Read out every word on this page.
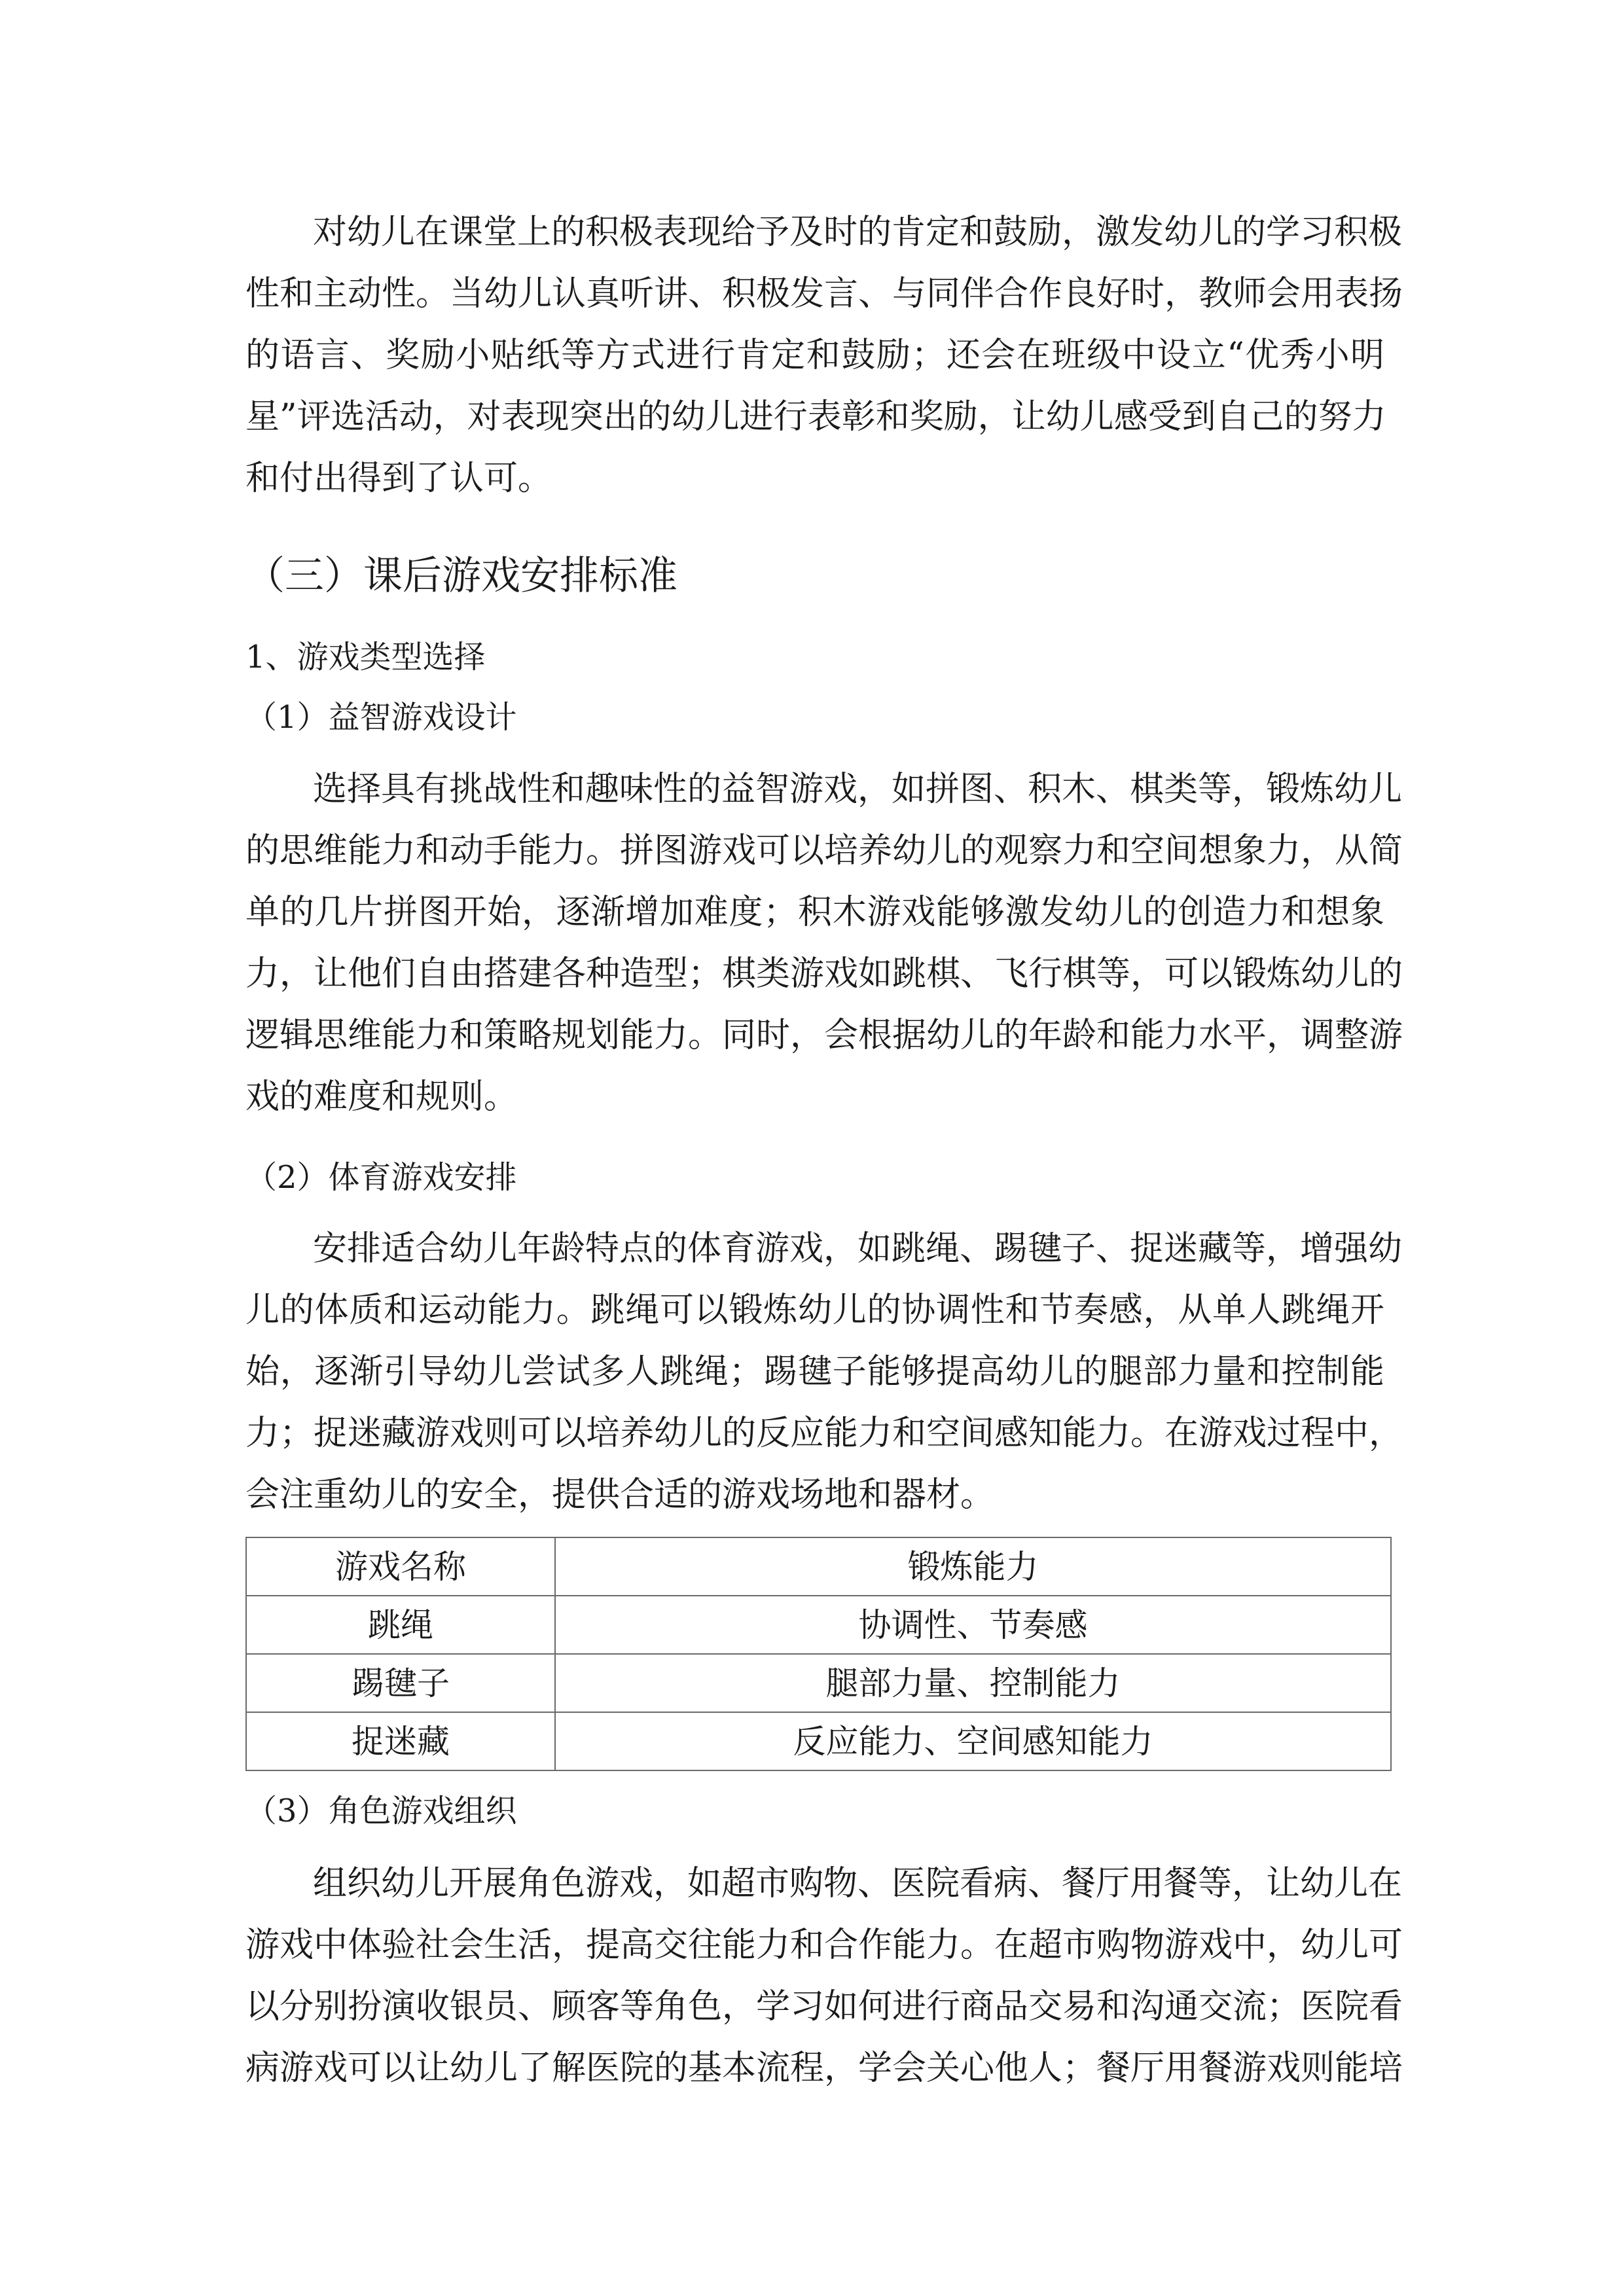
对幼儿在课堂上的积极表现给予及时的肯定和鼓励，激发幼儿的学习积极
性和主动性。当幼儿认真听讲、积极发言、与同伴合作良好时，教师会用表扬
的语言、奖励小贴纸等方式进行肯定和鼓励；还会在班级中设立“优秀小明
星”评选活动，对表现突出的幼儿进行表彰和奖励，让幼儿感受到自己的努力
和付出得到了认可。
（三）课后游戏安排标准
1、游戏类型选择
（1）益智游戏设计
选择具有挑战性和趣味性的益智游戏，如拼图、积木、棋类等，锻炼幼儿
的思维能力和动手能力。拼图游戏可以培养幼儿的观察力和空间想象力，从简
单的几片拼图开始，逐渐增加难度；积木游戏能够激发幼儿的创造力和想象
力，让他们自由搭建各种造型；棋类游戏如跳棋、飞行棋等，可以锻炼幼儿的
逻辑思维能力和策略规划能力。同时，会根据幼儿的年龄和能力水平，调整游
戏的难度和规则。
（2）体育游戏安排
安排适合幼儿年龄特点的体育游戏，如跳绳、踢毽子、捉迷藏等，增强幼
儿的体质和运动能力。跳绳可以锻炼幼儿的协调性和节奏感，从单人跳绳开
始，逐渐引导幼儿尝试多人跳绳；踢毽子能够提高幼儿的腿部力量和控制能
力；捉迷藏游戏则可以培养幼儿的反应能力和空间感知能力。在游戏过程中，
会注重幼儿的安全，提供合适的游戏场地和器材。
游戏名称	锻炼能力
跳绳	协调性、节奏感
踢毽子	腿部力量、控制能力
捉迷藏	反应能力、空间感知能力
（3）角色游戏组织
组织幼儿开展角色游戏，如超市购物、医院看病、餐厅用餐等，让幼儿在
游戏中体验社会生活，提高交往能力和合作能力。在超市购物游戏中，幼儿可
以分别扮演收银员、顾客等角色，学习如何进行商品交易和沟通交流；医院看
病游戏可以让幼儿了解医院的基本流程，学会关心他人；餐厅用餐游戏则能培
